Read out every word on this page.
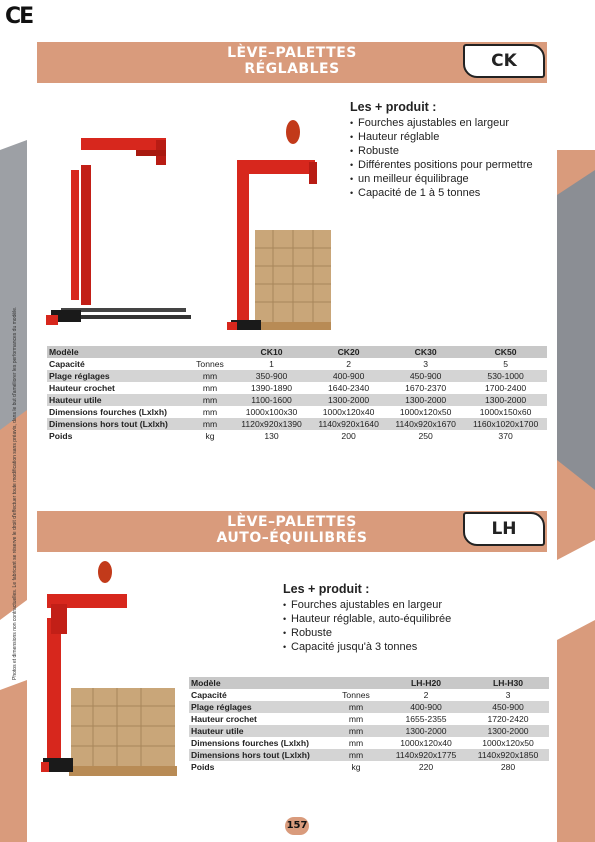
CE
Photos et dimensions non contractuelles. Le fabricant se réserve le droit d'effectuer toute modification sans préavis, dans le but d'améliorer les performances du modèle.
LÈVE–PALETTES
RÉGLABLES	CK
Les + produit :
• Fourches ajustables en largeur
• Hauteur réglable
• Robuste
• Différentes positions pour permettre
• un meilleur équilibrage
• Capacité de 1 à 5 tonnes
Modèle		CK10	CK20	CK30	CK50
Capacité	Tonnes	1	2	3	5
Plage réglages	mm	350-900	400-900	450-900	530-1000
Hauteur crochet	mm	1390-1890	1640-2340	1670-2370	1700-2400
Hauteur utile	mm	1100-1600	1300-2000	1300-2000	1300-2000
Dimensions fourches (Lxlxh)	mm	1000x100x30	1000x120x40	1000x120x50	1000x150x60
Dimensions hors tout (Lxlxh)	mm	1120x920x1390	1140x920x1640	1140x920x1670	1160x1020x1700
Poids	kg	130	200	250	370
LÈVE–PALETTES
AUTO–ÉQUILIBRÉS	LH
Les + produit :
• Fourches ajustables en largeur
• Hauteur réglable, auto-équilibrée
• Robuste
• Capacité jusqu'à 3 tonnes
Modèle		LH-H20	LH-H30
Capacité	Tonnes	2	3
Plage réglages	mm	400-900	450-900
Hauteur crochet	mm	1655-2355	1720-2420
Hauteur utile	mm	1300-2000	1300-2000
Dimensions fourches (Lxlxh)	mm	1000x120x40	1000x120x50
Dimensions hors tout (Lxlxh)	mm	1140x920x1775	1140x920x1850
Poids	kg	220	280
157
